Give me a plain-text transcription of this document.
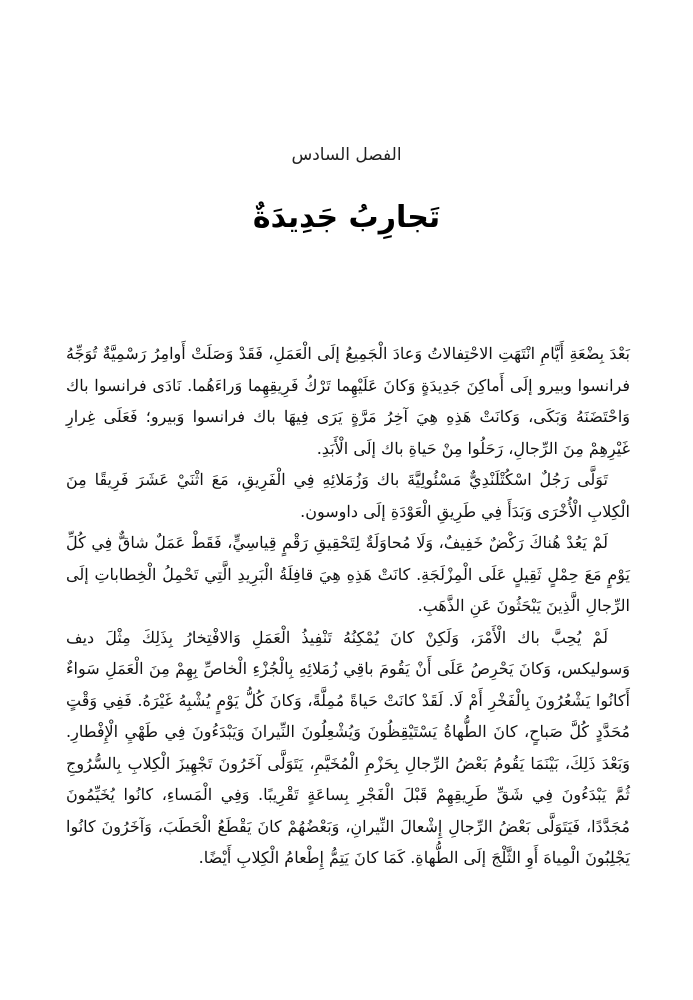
الفصل السادس
تَجارِبُ جَدِيدَةٌ

بَعْدَ بِضْعَةِ أَيَّامِ انْتَهَتِ الاحْتِفالاتُ وَعادَ الْجَمِيعُ إلَى الْعَمَلِ، فَقَدْ وَصَلَتْ أَوامِرُ رَسْمِيَّةٌ تُوَجِّهُ فرانسوا وبيرو إلَى أَماكِنَ جَدِيدَةٍ وَكانَ عَلَيْهِما تَرْكُ فَرِيقِهِما وَراءَهُما. نَادَى فرانسوا باك وَاحْتَضَنَهُ وَبَكَى، وَكانَتْ هَذِهِ هِيَ آخِرُ مَرَّةٍ يَرَى فِيهَا باك فرانسوا وَبيرو؛ فَعَلَى غِرارِ غَيْرِهِمْ مِنَ الرِّجالِ، رَحَلُوا مِنْ حَياةِ باك إلَى الْأَبَدِ.

تَوَلَّى رَجُلٌ اسْكُتْلَنْدِيٌّ مَسْئُولِيَّةَ باك وَزُمَلائِهِ فِي الْفَرِيقِ، مَعَ اثْنَيْ عَشَرَ فَرِيقًا مِنَ الْكِلابِ الْأُخْرَى وَبَدَأَ فِي طَرِيقِ الْعَوْدَةِ إلَى داوسون.

لَمْ يَعُدْ هُناكَ رَكْضٌ خَفِيفٌ، وَلَا مُحاوَلَةٌ لِتَحْقِيقِ رَقْمٍ قِياسِيٍّ، فَقَطْ عَمَلٌ شاقٌّ فِي كُلِّ يَوْمٍ مَعَ حِمْلٍ ثَقِيلٍ عَلَى الْمِزْلَجَةِ. كانَتْ هَذِهِ هِيَ قافِلَةُ الْبَرِيدِ الَّتِي تَحْمِلُ الْخِطاباتِ إلَى الرِّجالِ الَّذِينَ يَبْحَثُونَ عَنِ الذَّهَبِ.

لَمْ يُحِبَّ باك الْأَمْرَ، وَلَكِنْ كانَ يُمْكِنُهُ تَنْفِيذُ الْعَمَلِ وَالافْتِخارُ بِذَلِكَ مِثْلَ ديف وَسوليكس، وَكانَ يَحْرِصُ عَلَى أَنْ يَقُومَ باقِي زُمَلائِهِ بِالْجُزْءِ الْخاصِّ بِهِمْ مِنَ الْعَمَلِ سَواءٌ أَكانُوا يَشْعُرُونَ بِالْفَخْرِ أَمْ لَا. لَقَدْ كانَتْ حَياةً مُمِلَّةً، وَكانَ كُلُّ يَوْمٍ يُشْبِهُ غَيْرَهُ. فَفِي وَقْتٍ مُحَدَّدٍ كُلَّ صَباحٍ، كانَ الطُّهاةُ يَسْتَيْقِظُونَ وَيُشْعِلُونَ النِّيرانَ وَيَبْدَءُونَ فِي طَهْيِ الْإِفْطارِ. وَبَعْدَ ذَلِكَ، بَيْنَمَا يَقُومُ بَعْضُ الرِّجالِ بِحَزْمِ الْمُخَيَّمِ، يَتَوَلَّى آخَرُونَ تَجْهِيزَ الْكِلابِ بِالسُّرُوجِ ثُمَّ يَبْدَءُونَ فِي شَقِّ طَرِيقِهِمْ قَبْلَ الْفَجْرِ بِساعَةٍ تَقْرِيبًا. وَفِي الْمَساءِ، كانُوا يُخَيِّمُونَ مُجَدَّدًا، فَيَتَوَلَّى بَعْضُ الرِّجالِ إِشْعالَ النِّيرانِ، وَبَعْضُهُمْ كانَ يَقْطَعُ الْحَطَبَ، وَآخَرُونَ كانُوا يَجْلِبُونَ الْمِياهَ أَوِ الثَّلْجَ إلَى الطُّهاةِ. كَمَا كانَ يَتِمُّ إِطْعامُ الْكِلابِ أَيْضًا.
